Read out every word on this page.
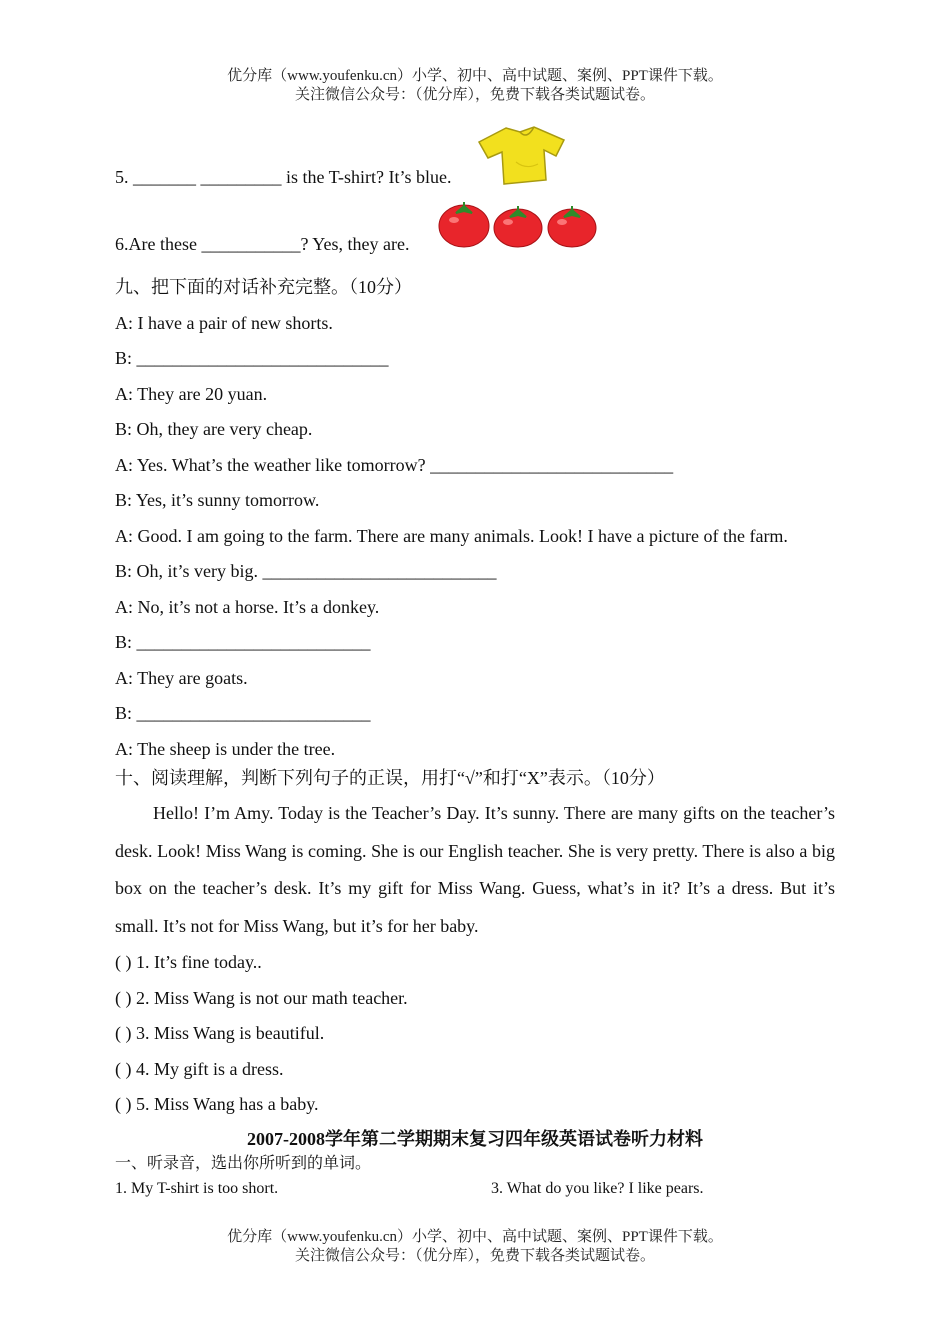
优分库（www.youfenku.cn）小学、初中、高中试题、案例、PPT课件下载。
关注微信公众号：（优分库），免费下载各类试题试卷。
5. _______ _________ is the T-shirt? It’s blue.
6.Are these ___________? Yes, they are.
九、把下面的对话补充完整。（10分）
A: I have a pair of new shorts.
B: ____________________________
A: They are 20 yuan.
B: Oh, they are very cheap.
A: Yes. What’s the weather like tomorrow? ___________________________
B: Yes, it’s sunny tomorrow.
A: Good. I am going to the farm. There are many animals. Look! I have a picture of the farm.
B: Oh, it’s very big. __________________________
A: No, it’s not a horse. It’s a donkey.
B: __________________________
A: They are goats.
B: __________________________
A: The sheep is under the tree.
十、阅读理解，判断下列句子的正误，用打“√”和打“X”表示。（10分）
Hello! I’m Amy. Today is the Teacher’s Day. It’s sunny. There are many gifts on the teacher’s desk. Look! Miss Wang is coming. She is our English teacher. She is very pretty. There is also a big box on the teacher’s desk. It’s my gift for Miss Wang. Guess, what’s in it? It’s a dress. But it’s small. It’s not for Miss Wang, but it’s for her baby.
( ) 1. It’s fine today..
( ) 2. Miss Wang is not our math teacher.
( ) 3. Miss Wang is beautiful.
( ) 4. My gift is a dress.
( ) 5. Miss Wang has a baby.
2007-2008学年第二学期期末复习四年级英语试卷听力材料
一、听录音，选出你所听到的单词。
1. My T-shirt is too short.	3. What do you like? I like pears.
优分库（www.youfenku.cn）小学、初中、高中试题、案例、PPT课件下载。
关注微信公众号：（优分库），免费下载各类试题试卷。
